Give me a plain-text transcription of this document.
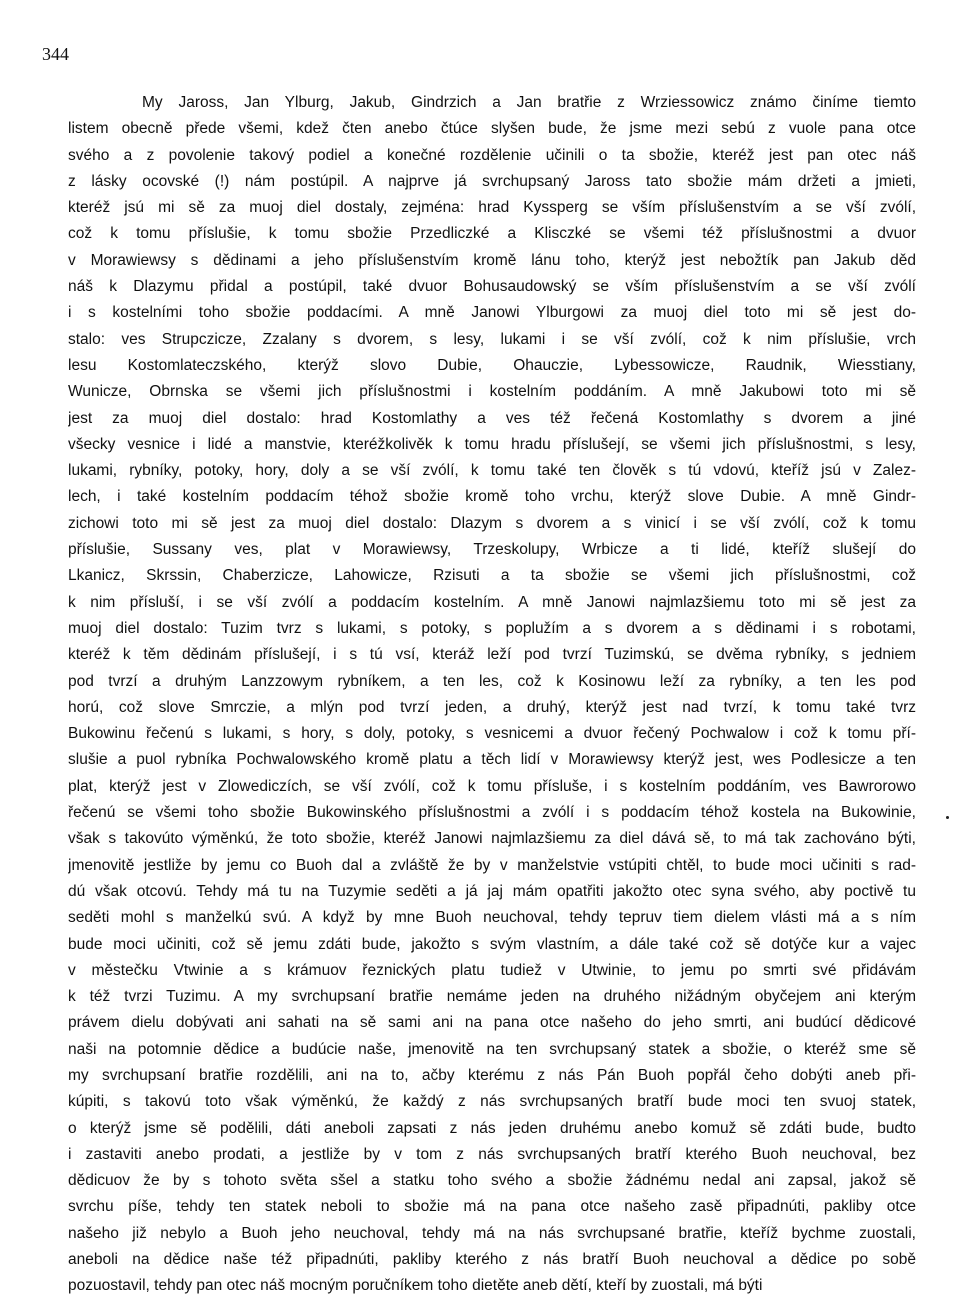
344
My Jaross, Jan Ylburg, Jakub, Gindrzich a Jan bratřie z Wrziessowicz známo činíme tiemto
listem obecně přede všemi, kdež čten anebo čtúce slyšen bude, že jsme mezi sebú z vuole pana otce
svého a z povolenie takový podiel a konečné rozdělenie učinili o ta sbožie, kteréž jest pan otec náš
z lásky ocovské (!) nám postúpil. A najprve já svrchupsaný Jaross tato sbožie mám držeti a jmieti,
kteréž jsú mi sě za muoj diel dostaly, zejména: hrad Kyssperg se vším příslušenstvím a se vší zvólí,
což k tomu příslušie, k tomu sbožie Przedliczké a Klisczké se všemi též příslušnostmi a dvuor
v Morawiewsy s dědinami a jeho příslušenstvím kromě lánu toho, kterýž jest nebožtík pan Jakub děd
náš k Dlazymu přidal a postúpil, také dvuor Bohusaudowský se vším příslušenstvím a se vší zvólí
i s kostelními toho sbožie poddacími. A mně Janowi Ylburgowi za muoj diel toto mi sě jest do-
stalo: ves Strupczicze, Zzalany s dvorem, s lesy, lukami i se vší zvólí, což k nim příslušie, vrch
lesu Kostomlateczského, kterýž slovo Dubie, Ohauczie, Lybessowicze, Raudnik, Wiesstiany,
Wunicze, Obrnska se všemi jich příslušnostmi i kostelním poddáním. A mně Jakubowi toto mi sě
jest za muoj diel dostalo: hrad Kostomlathy a ves též řečená Kostomlathy s dvorem a jiné
všecky vesnice i lidé a manstvie, kteréžkolivěk k tomu hradu příslušejí, se všemi jich příslušnostmi, s lesy,
lukami, rybníky, potoky, hory, doly a se vší zvólí, k tomu také ten člověk s tú vdovú, kteříž jsú v Zalez-
lech, i také kostelním poddacím téhož sbožie kromě toho vrchu, kterýž slove Dubie. A mně Gindr-
zichowi toto mi sě jest za muoj diel dostalo: Dlazym s dvorem a s vinicí i se vší zvólí, což k tomu
příslušie, Sussany ves, plat v Morawiewsy, Trzeskolupy, Wrbicze a ti lidé, kteříž slušejí do
Lkanicz, Skrssin, Chaberzicze, Lahowicze, Rzisuti a ta sbožie se všemi jich příslušnostmi, což
k nim přísluší, i se vší zvólí a poddacím kostelním. A mně Janowi najmlazšiemu toto mi sě jest za
muoj diel dostalo: Tuzim tvrz s lukami, s potoky, s poplužím a s dvorem a s dědinami i s robotami,
kteréž k těm dědinám příslušejí, i s tú vsí, kteráž leží pod tvrzí Tuzimskú, se dvěma rybníky, s jedniem
pod tvrzí a druhým Lanzzowym rybníkem, a ten les, což k Kosinowu leží za rybníky, a ten les pod
horú, což slove Smrczie, a mlýn pod tvrzí jeden, a druhý, kterýž jest nad tvrzí, k tomu také tvrz
Bukowinu řečenú s lukami, s hory, s doly, potoky, s vesnicemi a dvuor řečený Pochwalow i což k tomu pří-
slušie a puol rybníka Pochwalowského kromě platu a těch lidí v Morawiewsy kterýž jest, wes Podlesicze a ten
plat, kterýž jest v Zlowediczích, se vší zvólí, což k tomu přísluše, i s kostelním poddáním, ves Bawrorowo
řečenú se všemi toho sbožie Bukowinského příslušnostmi a zvólí i s poddacím téhož kostela na Bukowinie,
však s takovúto výměnkú, že toto sbožie, kteréž Janowi najmlazšiemu za diel dává sě, to má tak zachováno býti,
jmenovitě jestliže by jemu co Buoh dal a zvláště že by v manželstvie vstúpiti chtěl, to bude moci učiniti s rad-
dú však otcovú. Tehdy má tu na Tuzymie seděti a já jaj mám opatřiti jakožto otec syna svého, aby poctivě tu
seděti mohl s manželkú svú. A když by mne Buoh neuchoval, tehdy tepruv tiem dielem vlásti má a s ním
bude moci učiniti, což sě jemu zdáti bude, jakožto s svým vlastním, a dále také což sě dotýče kur a vajec
v městečku Vtwinie a s krámuov řeznických platu tudiež v Utwinie, to jemu po smrti své přidávám
k též tvrzi Tuzimu. A my svrchupsaní bratřie nemáme jeden na druhého nižádným obyčejem ani kterým
právem dielu dobývati ani sahati na sě sami ani na pana otce našeho do jeho smrti, ani budúcí dědicové
naši na potomnie dědice a budúcie naše, jmenovitě na ten svrchupsaný statek a sbožie, o kteréž sme sě
my svrchupsaní bratřie rozdělili, ani na to, ačby kterému z nás Pán Buoh popřál čeho dobýti aneb při-
kúpiti, s takovú toto však výměnkú, že každý z nás svrchupsaných bratří bude moci ten svuoj statek,
o kterýž jsme sě podělili, dáti aneboli zapsati z nás jeden druhému anebo komuž sě zdáti bude, budto
i zastaviti anebo prodati, a jestliže by v tom z nás svrchupsaných bratří kterého Buoh neuchoval, bez
dědicuov že by s tohoto světa sšel a statku toho svého a sbožie žádnému nedal ani zapsal, jakož sě
svrchu píše, tehdy ten statek neboli to sbožie má na pana otce našeho zasě připadnúti, pakliby otce
našeho již nebylo a Buoh jeho neuchoval, tehdy má na nás svrchupsané bratřie, kteříž bychme zuostali,
aneboli na dědice naše též připadnúti, pakliby kterého z nás bratří Buoh neuchoval a dědice po sobě
pozuostavil, tehdy pan otec náš mocným poručníkem toho dietěte aneb dětí, kteří by zuostali, má býti
